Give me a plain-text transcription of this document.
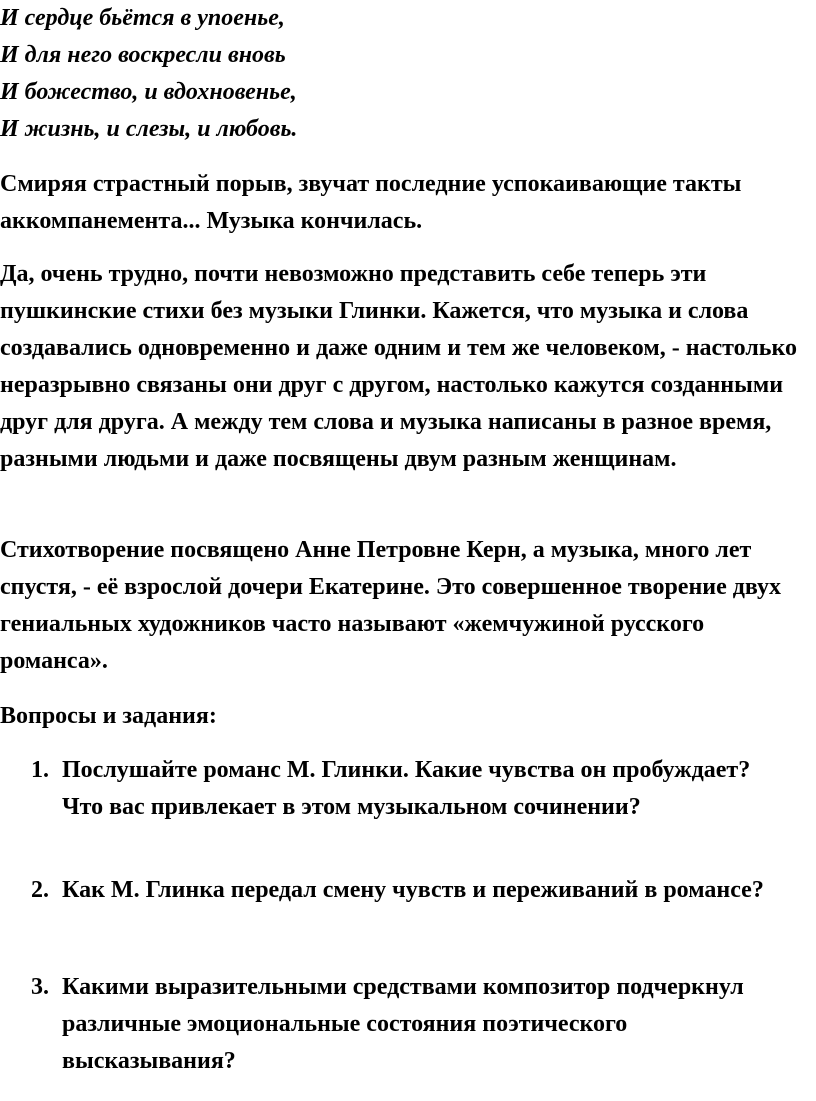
И сердце бьётся в упоенье,
И для него воскресли вновь
И божество, и вдохновенье,
И жизнь, и слезы, и любовь.

Смиряя страстный порыв, звучат последние успокаивающие такты аккомпанемента... Музыка кончилась.

Да, очень трудно, почти невозможно представить себе теперь эти пушкинские стихи без музыки Глинки. Кажется, что музыка и слова создавались одновременно и даже одним и тем же человеком, - настолько неразрывно связаны они друг с другом, настолько кажутся созданными друг для друга. А между тем слова и музыка написаны в разное время, разными людьми и даже посвящены двум разным женщинам.

Стихотворение посвящено Анне Петровне Керн, а музыка, много лет спустя, - её взрослой дочери Екатерине. Это совершенное творение двух гениальных художников часто называют «жемчужиной русского романса».

Вопросы и задания:

1. Послушайте романс М. Глинки. Какие чувства он пробуждает? Что вас привлекает в этом музыкальном сочинении?
2. Как М. Глинка передал смену чувств и переживаний в романсе?
3. Какими выразительными средствами композитор подчеркнул различные эмоциональные состояния поэтического высказывания?
